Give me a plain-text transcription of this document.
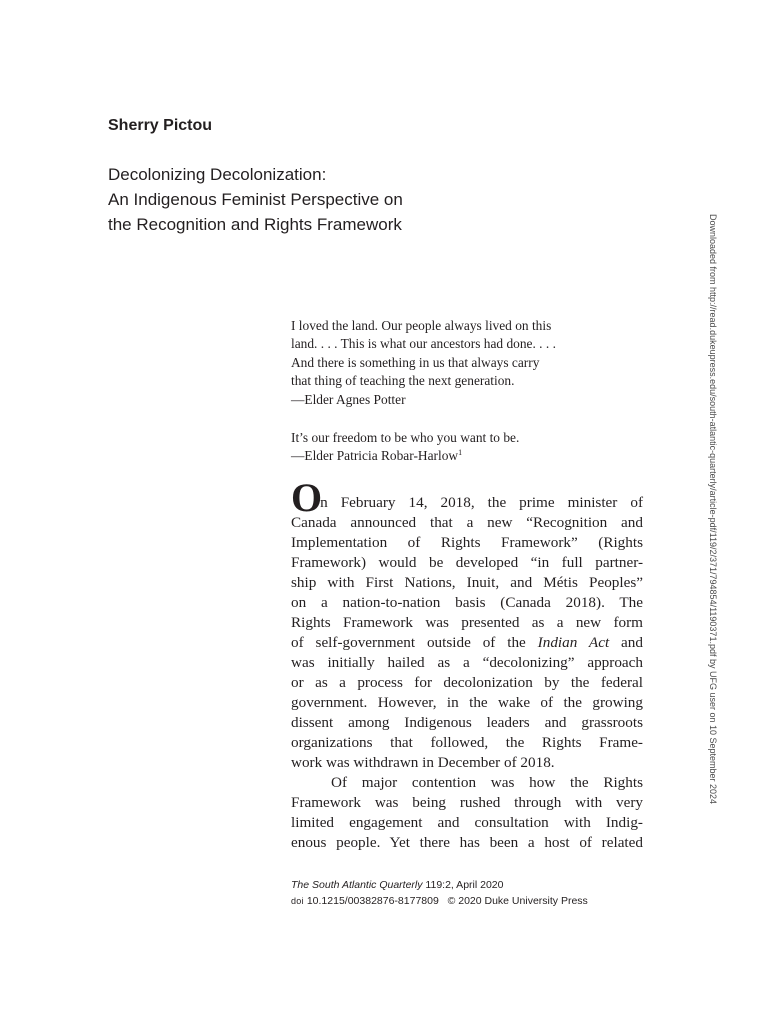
Sherry Pictou
Decolonizing Decolonization:
An Indigenous Feminist Perspective on
the Recognition and Rights Framework
I loved the land. Our people always lived on this
land. . . . This is what our ancestors had done. . . .
And there is something in us that always carry
that thing of teaching the next generation.
—Elder Agnes Potter
It’s our freedom to be who you want to be.
—Elder Patricia Robar-Harlow$^1$
On February 14, 2018, the prime minister of
Canada announced that a new “Recognition and
Implementation of Rights Framework” (Rights
Framework) would be developed “in full partner-
ship with First Nations, Inuit, and Métis Peoples”
on a nation-to-nation basis (Canada 2018). The
Rights Framework was presented as a new form
of self-government outside of the Indian Act and
was initially hailed as a “decolonizing” approach
or as a process for decolonization by the federal
government. However, in the wake of the growing
dissent among Indigenous leaders and grassroots
organizations that followed, the Rights Frame-
work was withdrawn in December of 2018.
Of major contention was how the Rights
Framework was being rushed through with very
limited engagement and consultation with Indig-
enous people. Yet there has been a host of related
The South Atlantic Quarterly 119:2, April 2020
doi 10.1215/00382876-8177809 © 2020 Duke University Press
Downloaded from http://read.dukeupress.edu/south-atlantic-quarterly/article-pdf/119/2/371/794854/1190371.pdf by UFG user on 10 September 2024
